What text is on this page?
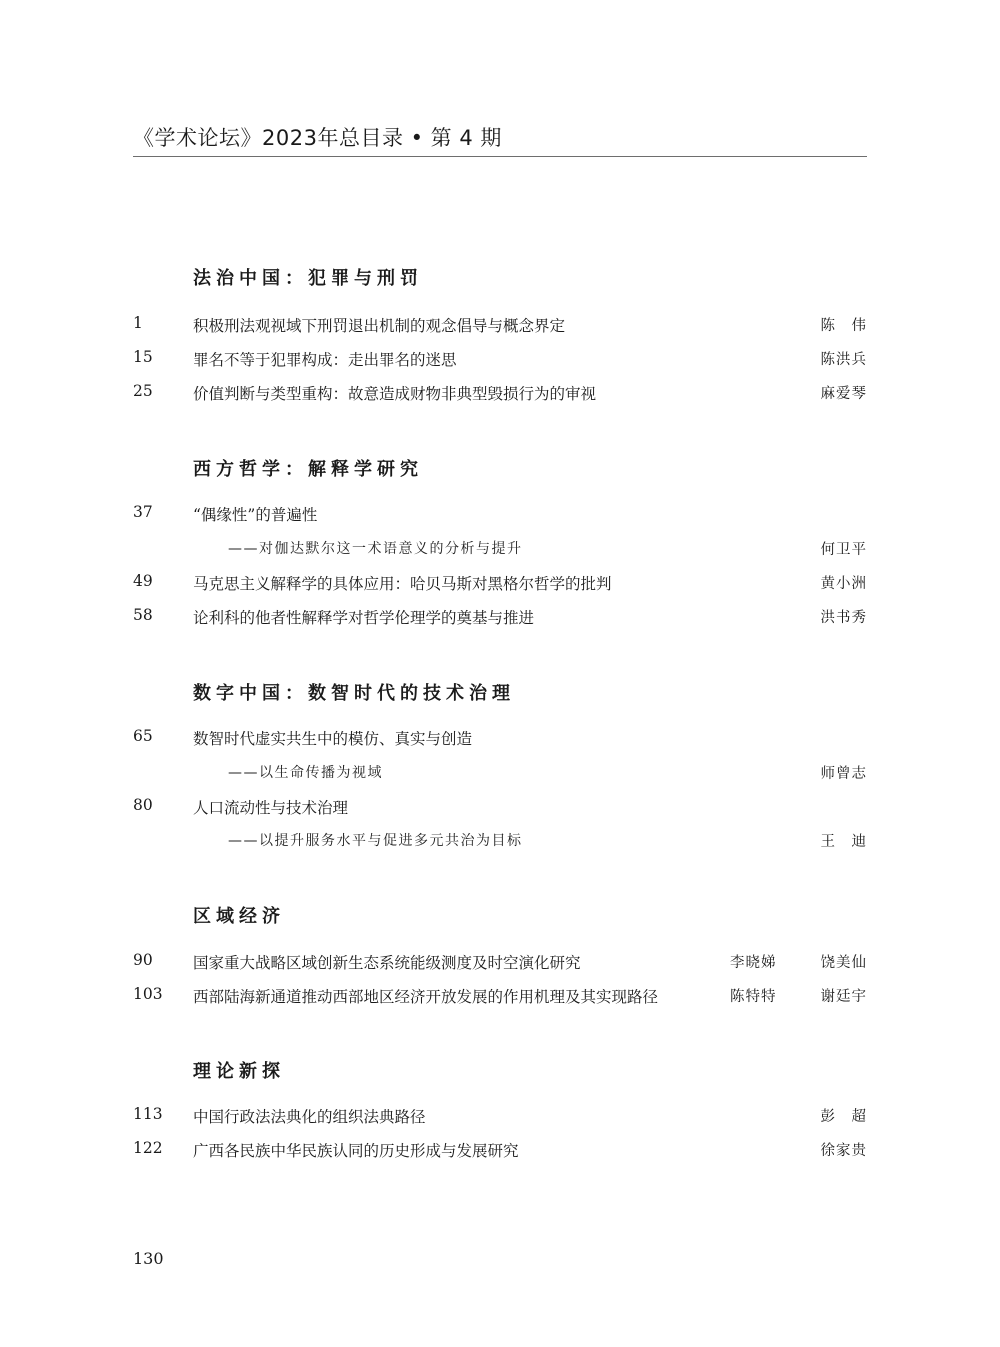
《学术论坛》2023年总目录 • 第 4 期
法治中国：犯罪与刑罚
1	积极刑法观视域下刑罚退出机制的观念倡导与概念界定	陈　伟
15	罪名不等于犯罪构成：走出罪名的迷思	陈洪兵
25	价值判断与类型重构：故意造成财物非典型毁损行为的审视	麻爱琴
西方哲学：解释学研究
37	“偶缘性”的普遍性
——对伽达默尔这一术语意义的分析与提升	何卫平
49	马克思主义解释学的具体应用：哈贝马斯对黑格尔哲学的批判	黄小洲
58	论利科的他者性解释学对哲学伦理学的奠基与推进	洪书秀
数字中国：数智时代的技术治理
65	数智时代虚实共生中的模仿、真实与创造
——以生命传播为视域	师曾志
80	人口流动性与技术治理
——以提升服务水平与促进多元共治为目标	王　迪
区域经济
90	国家重大战略区域创新生态系统能级测度及时空演化研究	李晓娣	饶美仙
103 西部陆海新通道推动西部地区经济开放发展的作用机理及其实现路径	陈特特	谢廷宇
理论新探
113 中国行政法法典化的组织法典路径	彭　超
122 广西各民族中华民族认同的历史形成与发展研究	徐家贵
130
